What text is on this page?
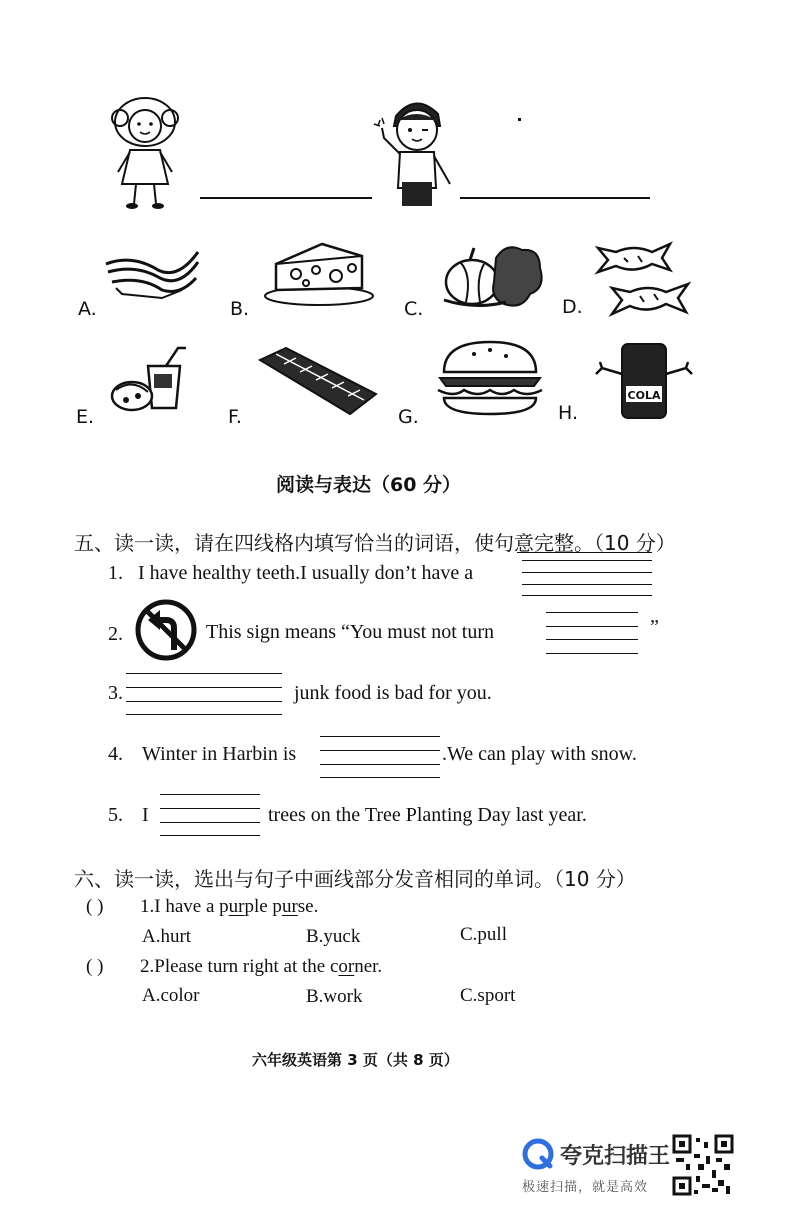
A.	B.	C.	D.
E.	F.	G.	H.
COLA
阅读与表达（60 分）
五、读一读，请在四线格内填写恰当的词语，使句意完整。（10 分）
1. I have healthy teeth.I usually don’t have a
2.	This sign means “You must not turn	”
3.	junk food is bad for you.
4. Winter in Harbin is	.We can play with snow.
5. I	trees on the Tree Planting Day last year.
六、读一读，选出与句子中画线部分发音相同的单词。（10 分）
( ) 1.I have a purple purse.
A.hurt	B.yuck	C.pull
( ) 2.Please turn right at the corner.
A.color	B.work	C.sport
六年级英语第 3 页（共 8 页）
夸克扫描王
极速扫描，就是高效
